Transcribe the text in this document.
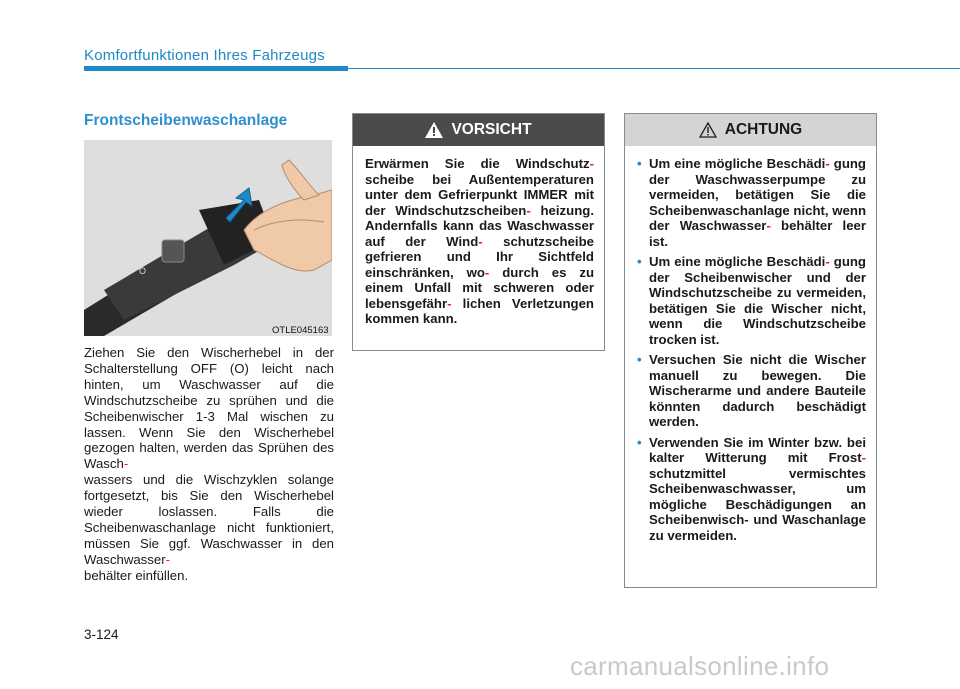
Komfortfunktionen Ihres Fahrzeugs
Frontscheibenwaschanlage
2
1
O
OTLE045163
Ziehen Sie den Wischerhebel in der Schalterstellung OFF (O) leicht nach hinten, um Waschwasser auf die Windschutzscheibe zu sprühen und die Scheibenwischer 1-3 Mal wischen zu lassen. Wenn Sie den Wischerhebel gezogen halten, werden das Sprühen des Wasch-
wassers und die Wischzyklen solange fortgesetzt, bis Sie den Wischerhebel wieder loslassen. Falls die Scheibenwaschanlage nicht funktioniert, müssen Sie ggf. Waschwasser in den Waschwasser-
behälter einfüllen.
VORSICHT
Erwärmen Sie die Windschutz- scheibe bei Außentemperaturen unter dem Gefrierpunkt IMMER mit der Windschutzscheiben- heizung. Andernfalls kann das Waschwasser auf der Wind- schutzscheibe gefrieren und Ihr Sichtfeld einschränken, wo- durch es zu einem Unfall mit schweren oder lebensgefähr- lichen Verletzungen kommen kann.
ACHTUNG
• Um eine mögliche Beschädi- gung der Waschwasserpumpe zu vermeiden, betätigen Sie die Scheibenwaschanlage nicht, wenn der Waschwasser- behälter leer ist.
• Um eine mögliche Beschädi- gung der Scheibenwischer und der Windschutzscheibe zu vermeiden, betätigen Sie die Wischer nicht, wenn die Windschutzscheibe trocken ist.
• Versuchen Sie nicht die Wischer manuell zu bewegen. Die Wischerarme und andere Bauteile könnten dadurch beschädigt werden.
• Verwenden Sie im Winter bzw. bei kalter Witterung mit Frost- schutzmittel vermischtes Scheibenwaschwasser, um mögliche Beschädigungen an Scheibenwisch- und Waschanlage zu vermeiden.
3-124
carmanualsonline.info
